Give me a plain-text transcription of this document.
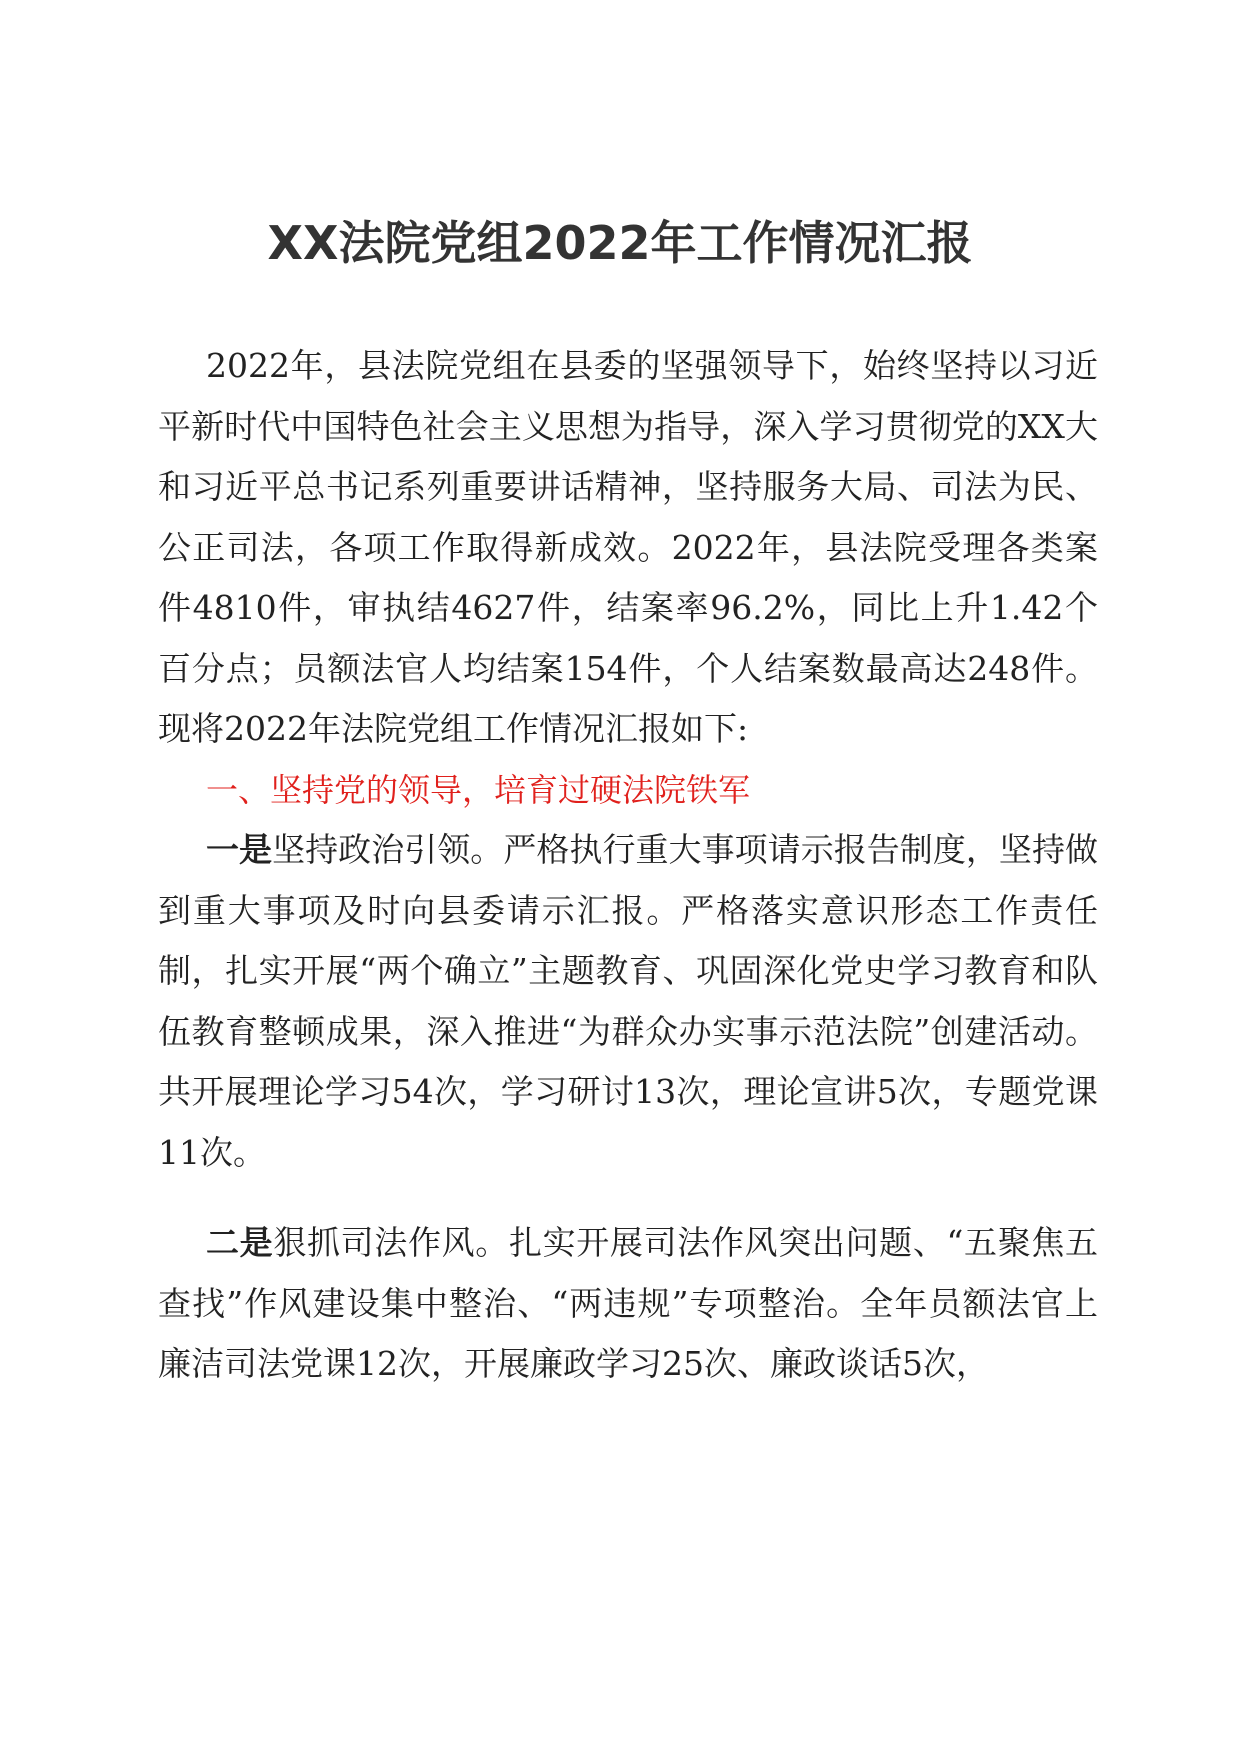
XX法院党组2022年工作情况汇报

2022年，县法院党组在县委的坚强领导下，始终坚持以习近平新时代中国特色社会主义思想为指导，深入学习贯彻党的XX大和习近平总书记系列重要讲话精神，坚持服务大局、司法为民、公正司法，各项工作取得新成效。2022年，县法院受理各类案件4810件，审执结4627件，结案率96.2%，同比上升1.42个百分点；员额法官人均结案154件，个人结案数最高达248件。现将2022年法院党组工作情况汇报如下:

一、坚持党的领导，培育过硬法院铁军

一是坚持政治引领。严格执行重大事项请示报告制度，坚持做到重大事项及时向县委请示汇报。严格落实意识形态工作责任制，扎实开展“两个确立”主题教育、巩固深化党史学习教育和队伍教育整顿成果，深入推进“为群众办实事示范法院”创建活动。共开展理论学习54次，学习研讨13次，理论宣讲5次，专题党课11次。

二是狠抓司法作风。扎实开展司法作风突出问题、“五聚焦五查找”作风建设集中整治、“两违规”专项整治。全年员额法官上廉洁司法党课12次，开展廉政学习25次、廉政谈话5次，
